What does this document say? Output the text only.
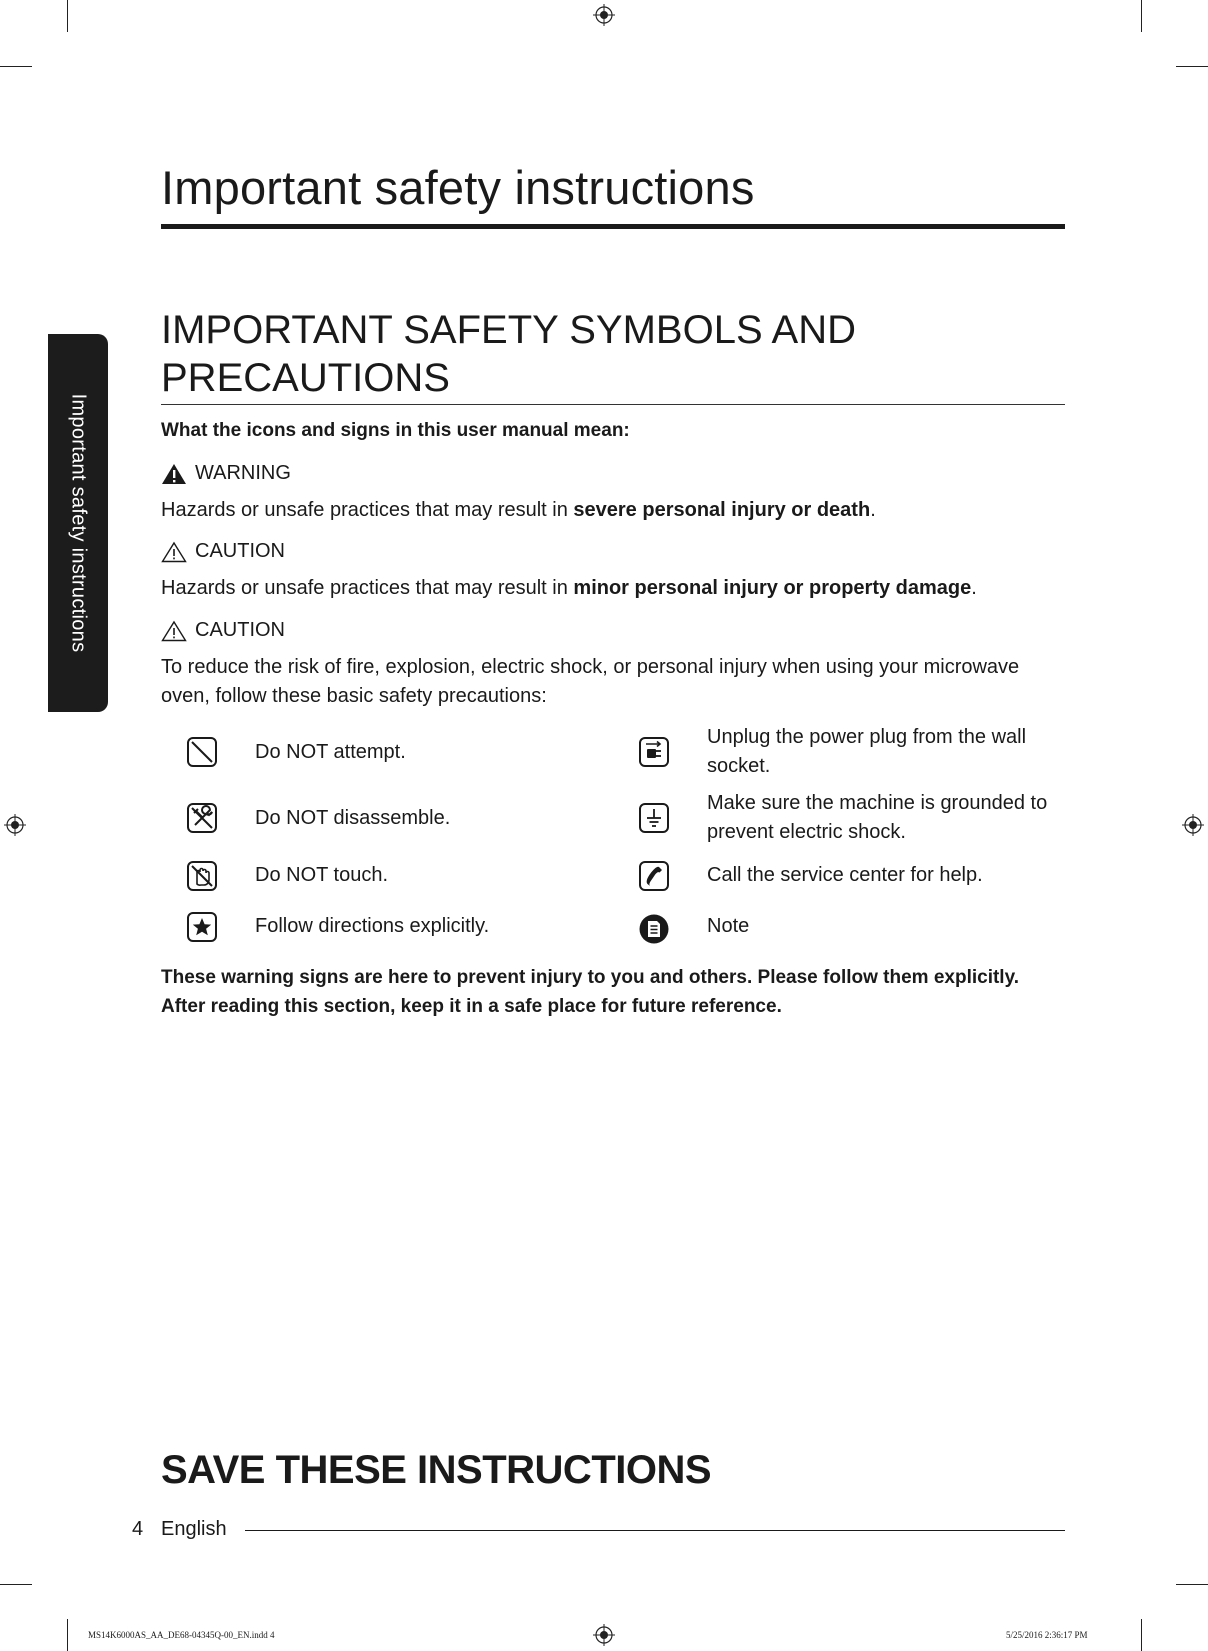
Important safety instructions
Important safety instructions
IMPORTANT SAFETY SYMBOLS AND PRECAUTIONS
What the icons and signs in this user manual mean:
WARNING
Hazards or unsafe practices that may result in severe personal injury or death.
CAUTION
Hazards or unsafe practices that may result in minor personal injury or property damage.
CAUTION
To reduce the risk of fire, explosion, electric shock, or personal injury when using your microwave oven, follow these basic safety precautions:
Do NOT attempt.
Do NOT disassemble.
Do NOT touch.
Follow directions explicitly.
Unplug the power plug from the wall socket.
Make sure the machine is grounded to prevent electric shock.
Call the service center for help.
Note
These warning signs are here to prevent injury to you and others. Please follow them explicitly. After reading this section, keep it in a safe place for future reference.
SAVE THESE INSTRUCTIONS
4 English
MS14K6000AS_AA_DE68-04345Q-00_EN.indd 4	5/25/2016 2:36:17 PM
